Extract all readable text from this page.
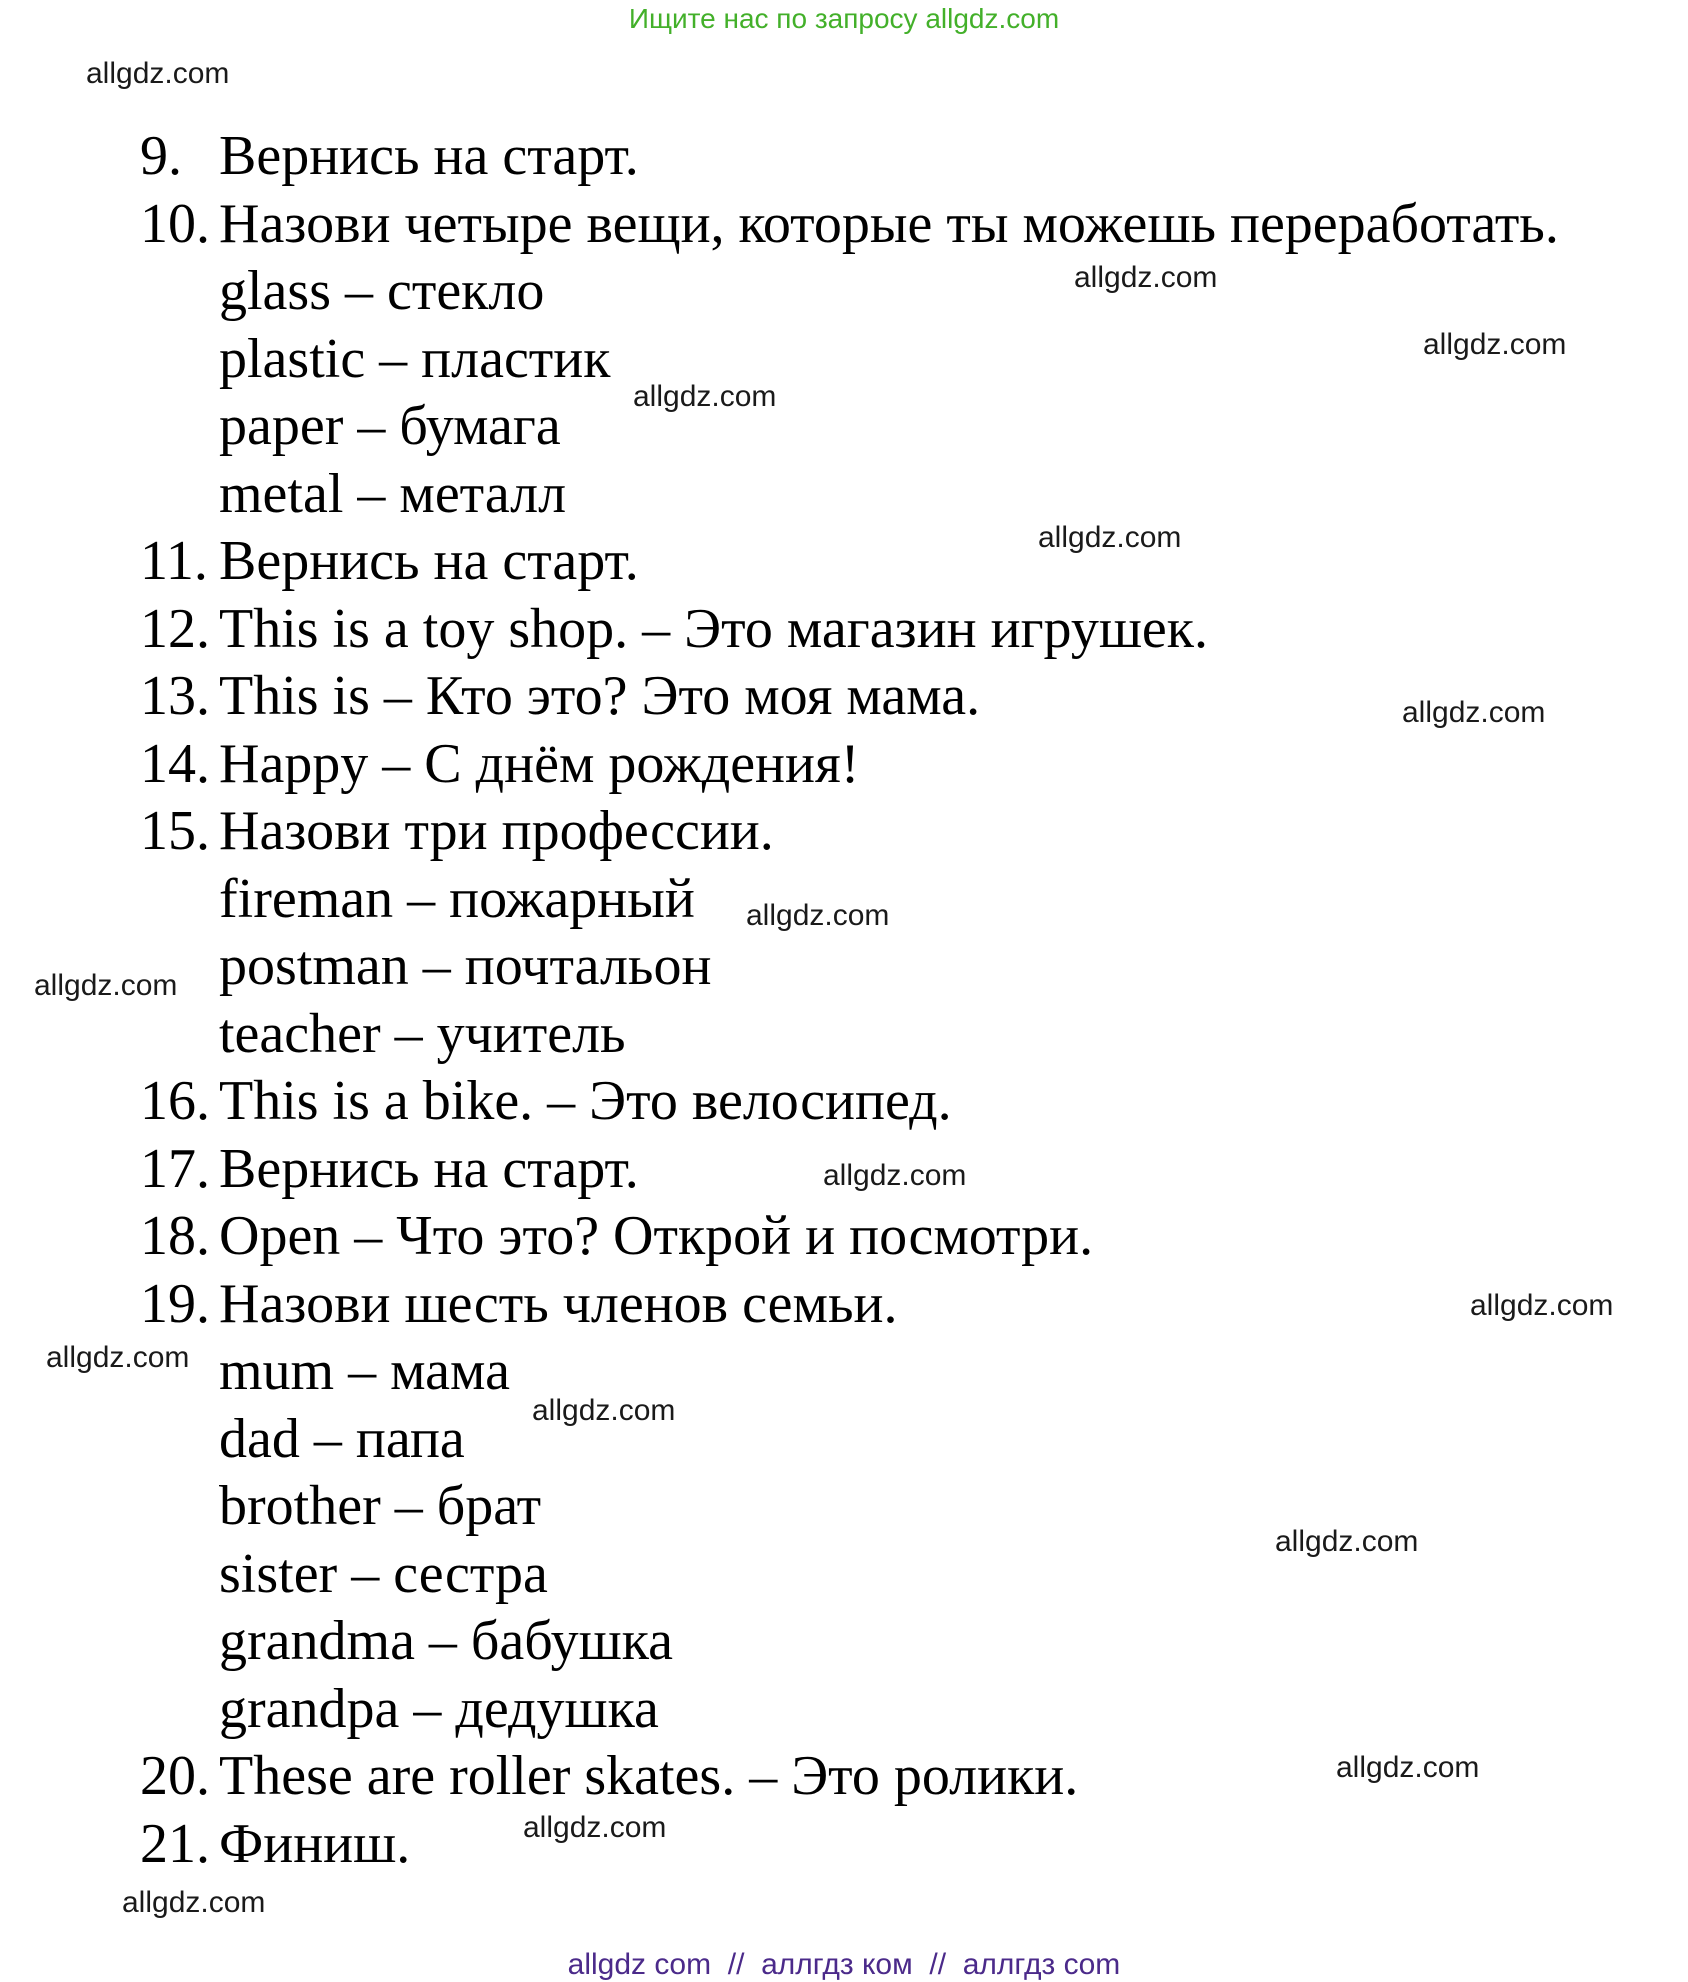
Ищите нас по запросу allgdz.com
9. Вернись на старт.
10. Назови четыре вещи, которые ты можешь переработать.
glass – стекло
plastic – пластик
paper – бумага
metal – металл
11. Вернись на старт.
12. This is a toy shop. – Это магазин игрушек.
13. This is – Кто это? Это моя мама.
14. Happy – С днём рождения!
15. Назови три профессии.
fireman – пожарный
postman – почтальон
teacher – учитель
16. This is a bike. – Это велосипед.
17. Вернись на старт.
18. Open – Что это? Открой и посмотри.
19. Назови шесть членов семьи.
mum – мама
dad – папа
brother – брат
sister – сестра
grandma – бабушка
grandpa – дедушка
20. These are roller skates. – Это ролики.
21. Финиш.
allgdz.com
allgdz.com
allgdz.com
allgdz.com
allgdz.com
allgdz.com
allgdz.com
allgdz.com
allgdz.com
allgdz.com
allgdz.com
allgdz.com
allgdz.com
allgdz.com
allgdz.com
allgdz.com
allgdz com  //  аллгдз ком  //  аллгдз com
